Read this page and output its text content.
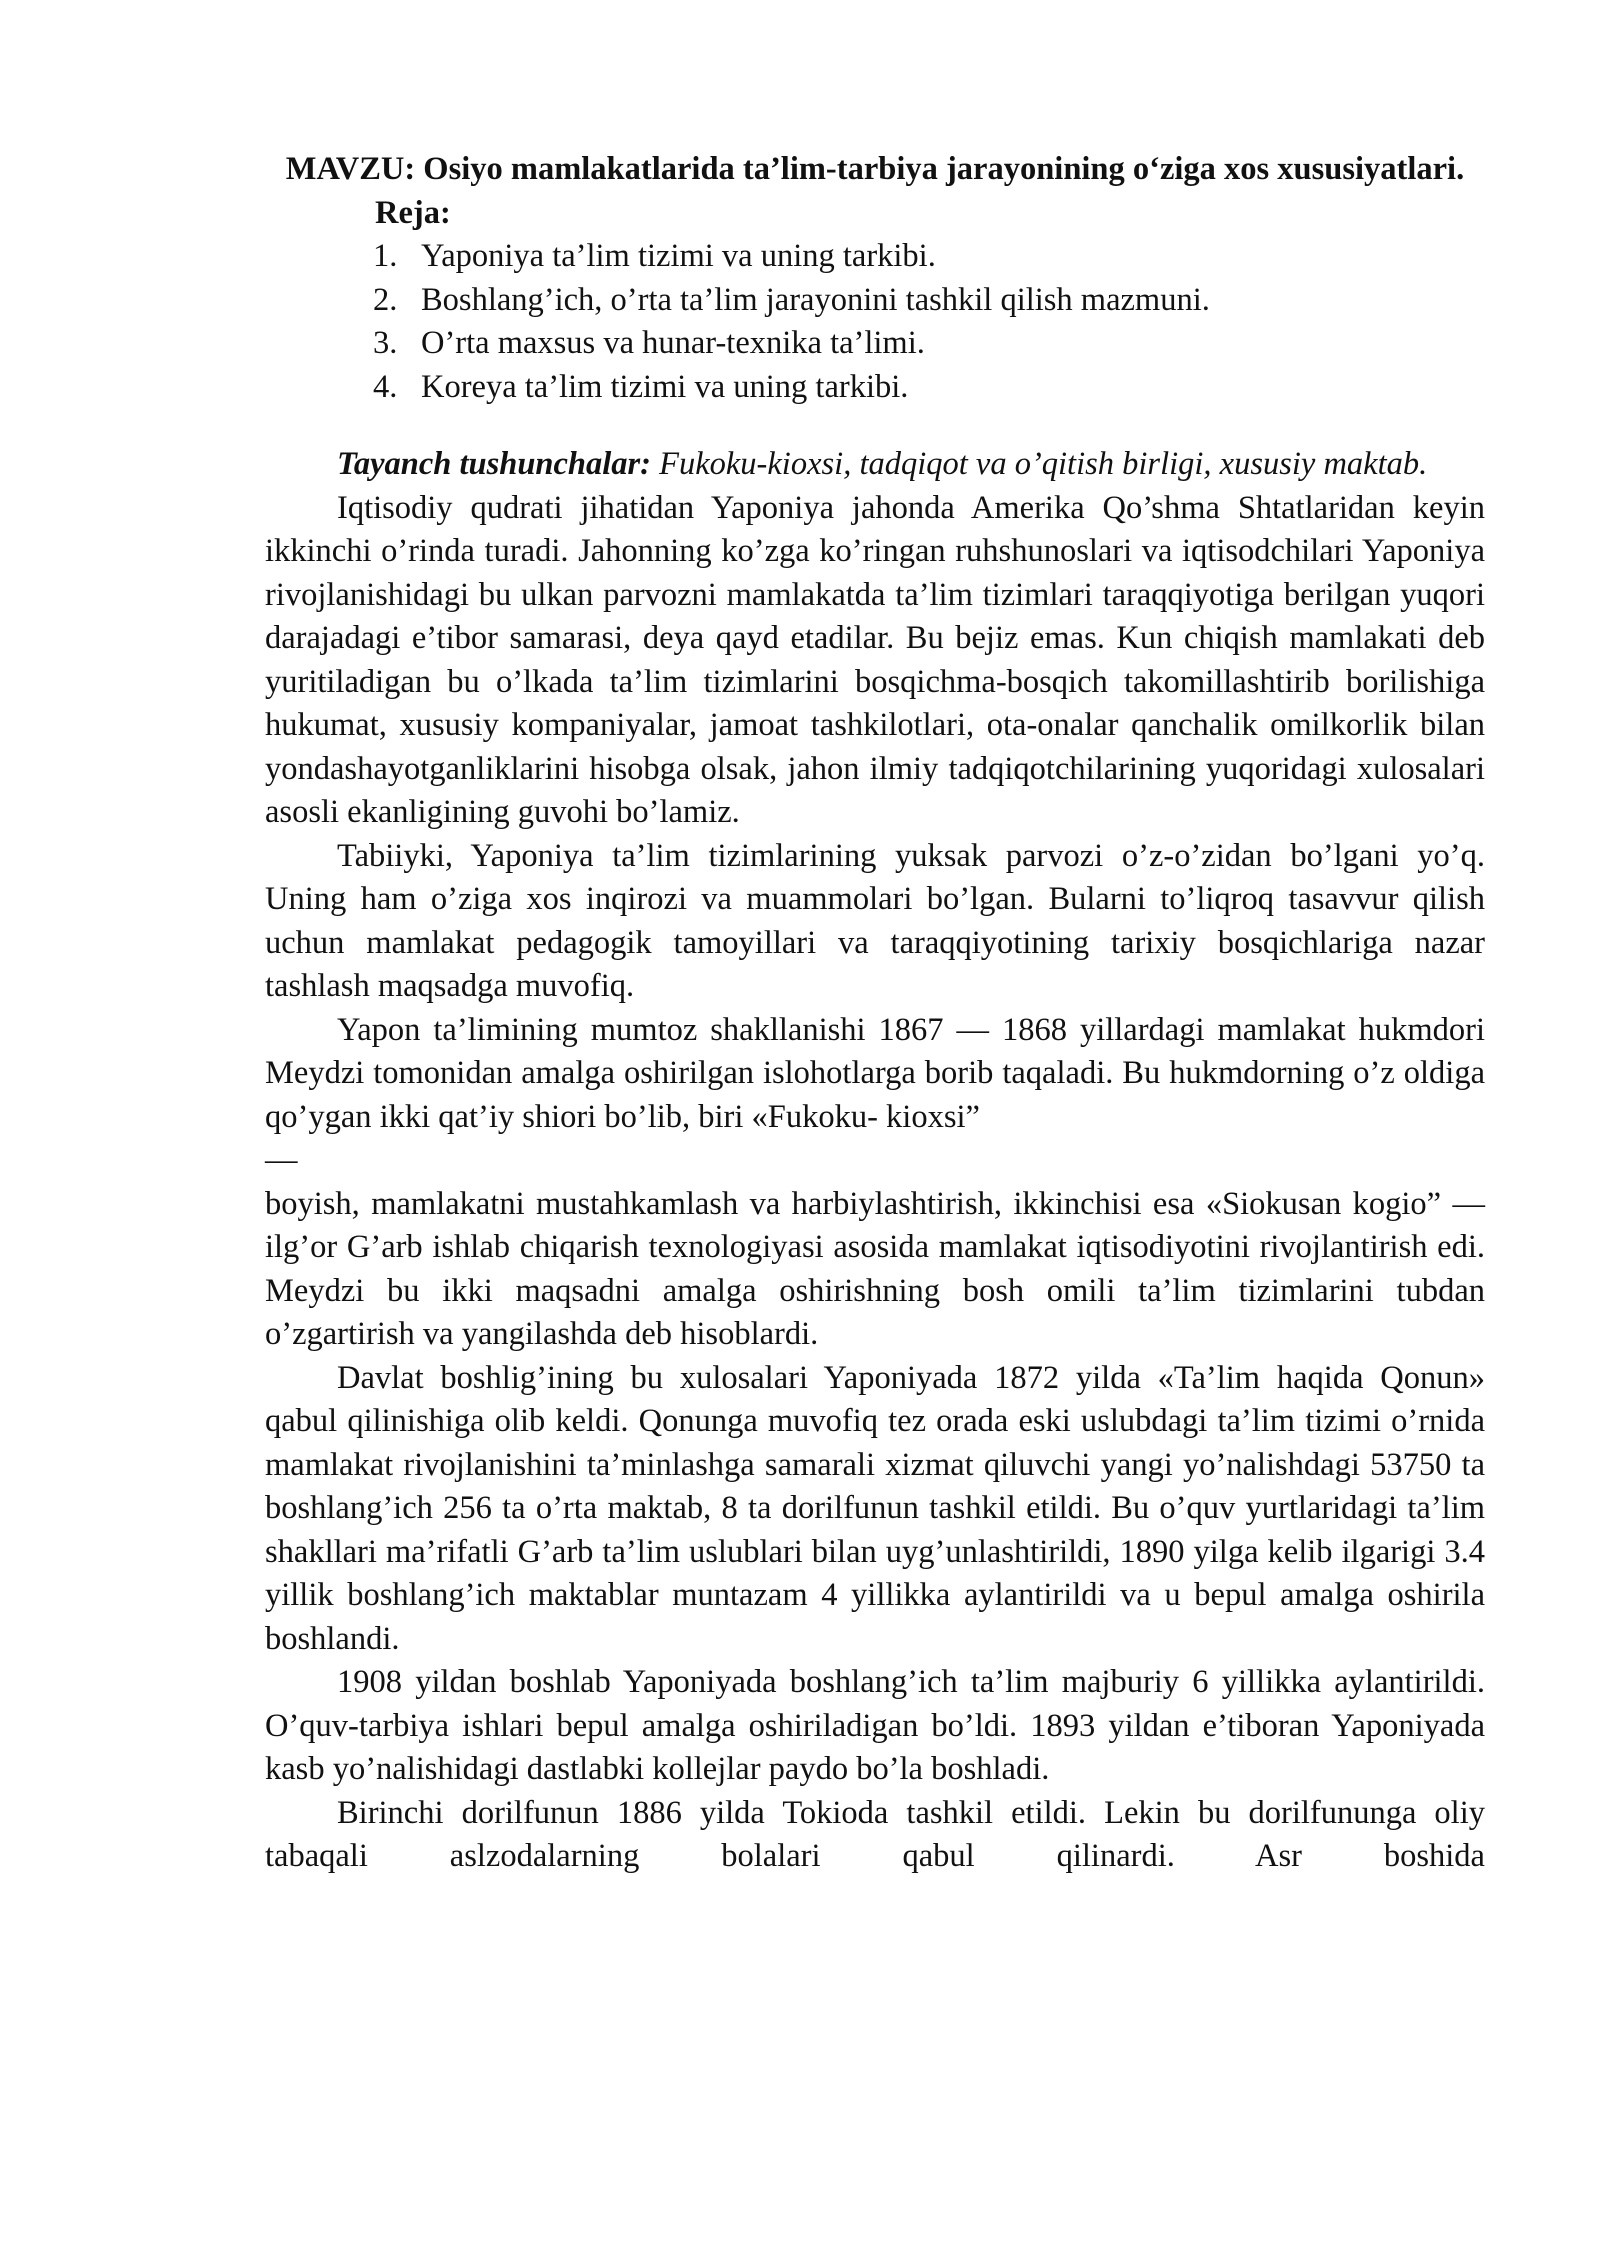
MAVZU: Osiyo mamlakatlarida ta’lim-tarbiya jarayonining o‘ziga xos xususiyatlari.

Reja:

1. Yaponiya ta’lim tizimi va uning tarkibi.
2. Boshlang’ich, o’rta ta’lim jarayonini tashkil qilish mazmuni.
3. O’rta maxsus va hunar-texnika ta’limi.
4. Koreya ta’lim tizimi va uning tarkibi.

Tayanch tushunchalar: Fukoku-kioxsi, tadqiqot va o’qitish birligi, xususiy maktab.

Iqtisodiy qudrati jihatidan Yaponiya jahonda Amerika Qo’shma Shtatlaridan keyin ikkinchi o’rinda turadi. Jahonning ko’zga ko’ringan ruhshunoslari va iqtisodchilari Yaponiya rivojlanishidagi bu ulkan parvozni mamlakatda ta’lim tizimlari taraqqiyotiga berilgan yuqori darajadagi e’tibor samarasi, deya qayd etadilar. Bu bejiz emas. Kun chiqish mamlakati deb yuritiladigan bu o’lkada ta’lim tizimlarini bosqichma-bosqich takomillashtirib borilishiga hukumat, xususiy kompaniyalar, jamoat tashkilotlari, ota-onalar qanchalik omilkorlik bilan yondashayotganliklarini hisobga olsak, jahon ilmiy tadqiqotchilarining yuqoridagi xulosalari asosli ekanligining guvohi bo’lamiz.

Tabiiyki, Yaponiya ta’lim tizimlarining yuksak parvozi o’z-o’zidan bo’lgani yo’q. Uning ham o’ziga xos inqirozi va muammolari bo’lgan. Bularni to’liqroq tasavvur qilish uchun mamlakat pedagogik tamoyillari va taraqqiyotining tarixiy bosqichlariga nazar tashlash maqsadga muvofiq.

Yapon ta’limining mumtoz shakllanishi 1867 — 1868 yillardagi mamlakat hukmdori Meydzi tomonidan amalga oshirilgan islohotlarga borib taqaladi. Bu hukmdorning o’z oldiga qo’ygan ikki qat’iy shiori bo’lib, biri «Fukoku- kioxsi”

—

boyish, mamlakatni mustahkamlash va harbiylashtirish, ikkinchisi esa «Siokusan kogio” — ilg’or G’arb ishlab chiqarish texnologiyasi asosida mamlakat iqtisodiyotini rivojlantirish edi. Meydzi bu ikki maqsadni amalga oshirishning bosh omili ta’lim tizimlarini tubdan o’zgartirish va yangilashda deb hisoblardi.

Davlat boshlig’ining bu xulosalari Yaponiyada 1872 yilda «Ta’lim haqida Qonun» qabul qilinishiga olib keldi. Qonunga muvofiq tez orada eski uslubdagi ta’lim tizimi o’rnida mamlakat rivojlanishini ta’minlashga samarali xizmat qiluvchi yangi yo’nalishdagi 53750 ta boshlang’ich 256 ta o’rta maktab, 8 ta dorilfunun tashkil etildi. Bu o’quv yurtlaridagi ta’lim shakllari ma’rifatli G’arb ta’lim uslublari bilan uyg’unlashtirildi, 1890 yilga kelib ilgarigi 3.4 yillik boshlang’ich maktablar muntazam 4 yillikka aylantirildi va u bepul amalga oshirila boshlandi.

1908 yildan boshlab Yaponiyada boshlang’ich ta’lim majburiy 6 yillikka aylantirildi. O’quv-tarbiya ishlari bepul amalga oshiriladigan bo’ldi. 1893 yildan e’tiboran Yaponiyada kasb yo’nalishidagi dastlabki kollejlar paydo bo’la boshladi.

Birinchi dorilfunun 1886 yilda Tokioda tashkil etildi. Lekin bu dorilfununga oliy tabaqali aslzodalarning bolalari qabul qilinardi. Asr boshida
